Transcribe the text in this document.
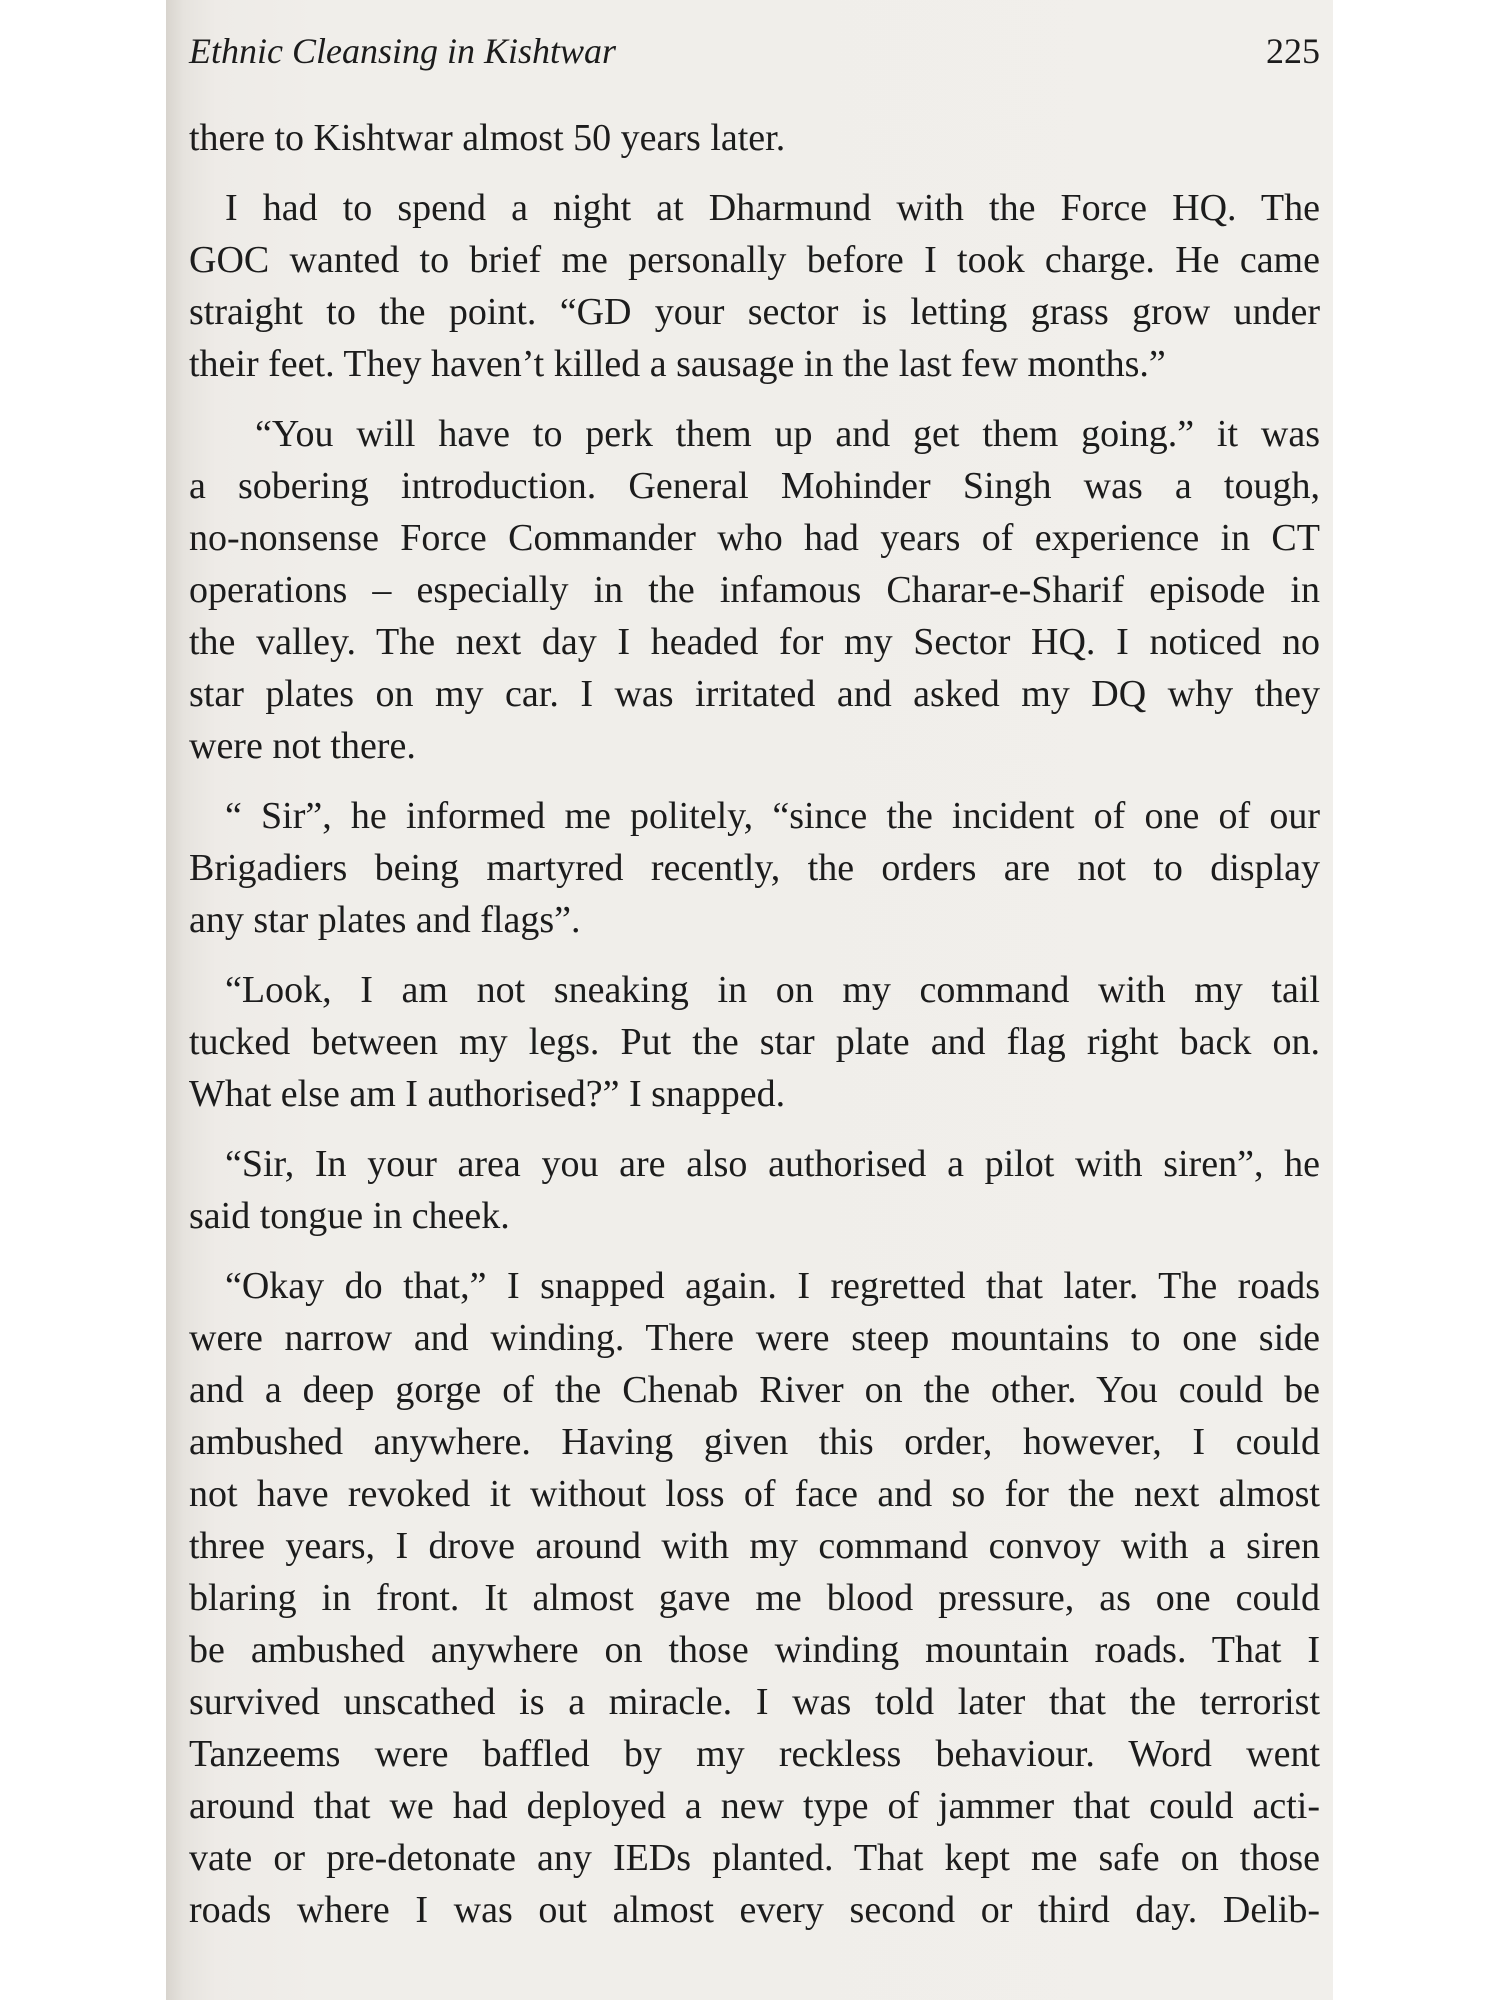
Ethnic Cleansing in Kishtwar	225
there to Kishtwar almost 50 years later.
I had to spend a night at Dharmund with the Force HQ. The
GOC wanted to brief me personally before I took charge. He came
straight to the point. “GD your sector is letting grass grow under
their feet. They haven’t killed a sausage in the last few months.”
“You will have to perk them up and get them going.” it was
a sobering introduction. General Mohinder Singh was a tough,
no-nonsense Force Commander who had years of experience in CT
operations – especially in the infamous Charar-e-Sharif episode in
the valley. The next day I headed for my Sector HQ. I noticed no
star plates on my car. I was irritated and asked my DQ why they
were not there.
“ Sir”, he informed me politely, “since the incident of one of our
Brigadiers being martyred recently, the orders are not to display
any star plates and flags”.
“Look, I am not sneaking in on my command with my tail
tucked between my legs. Put the star plate and flag right back on.
What else am I authorised?” I snapped.
“Sir, In your area you are also authorised a pilot with siren”, he
said tongue in cheek.
“Okay do that,” I snapped again. I regretted that later. The roads
were narrow and winding. There were steep mountains to one side
and a deep gorge of the Chenab River on the other. You could be
ambushed anywhere. Having given this order, however, I could
not have revoked it without loss of face and so for the next almost
three years, I drove around with my command convoy with a siren
blaring in front. It almost gave me blood pressure, as one could
be ambushed anywhere on those winding mountain roads. That I
survived unscathed is a miracle. I was told later that the terrorist
Tanzeems were baffled by my reckless behaviour. Word went
around that we had deployed a new type of jammer that could acti-
vate or pre-detonate any IEDs planted. That kept me safe on those
roads where I was out almost every second or third day. Delib-
